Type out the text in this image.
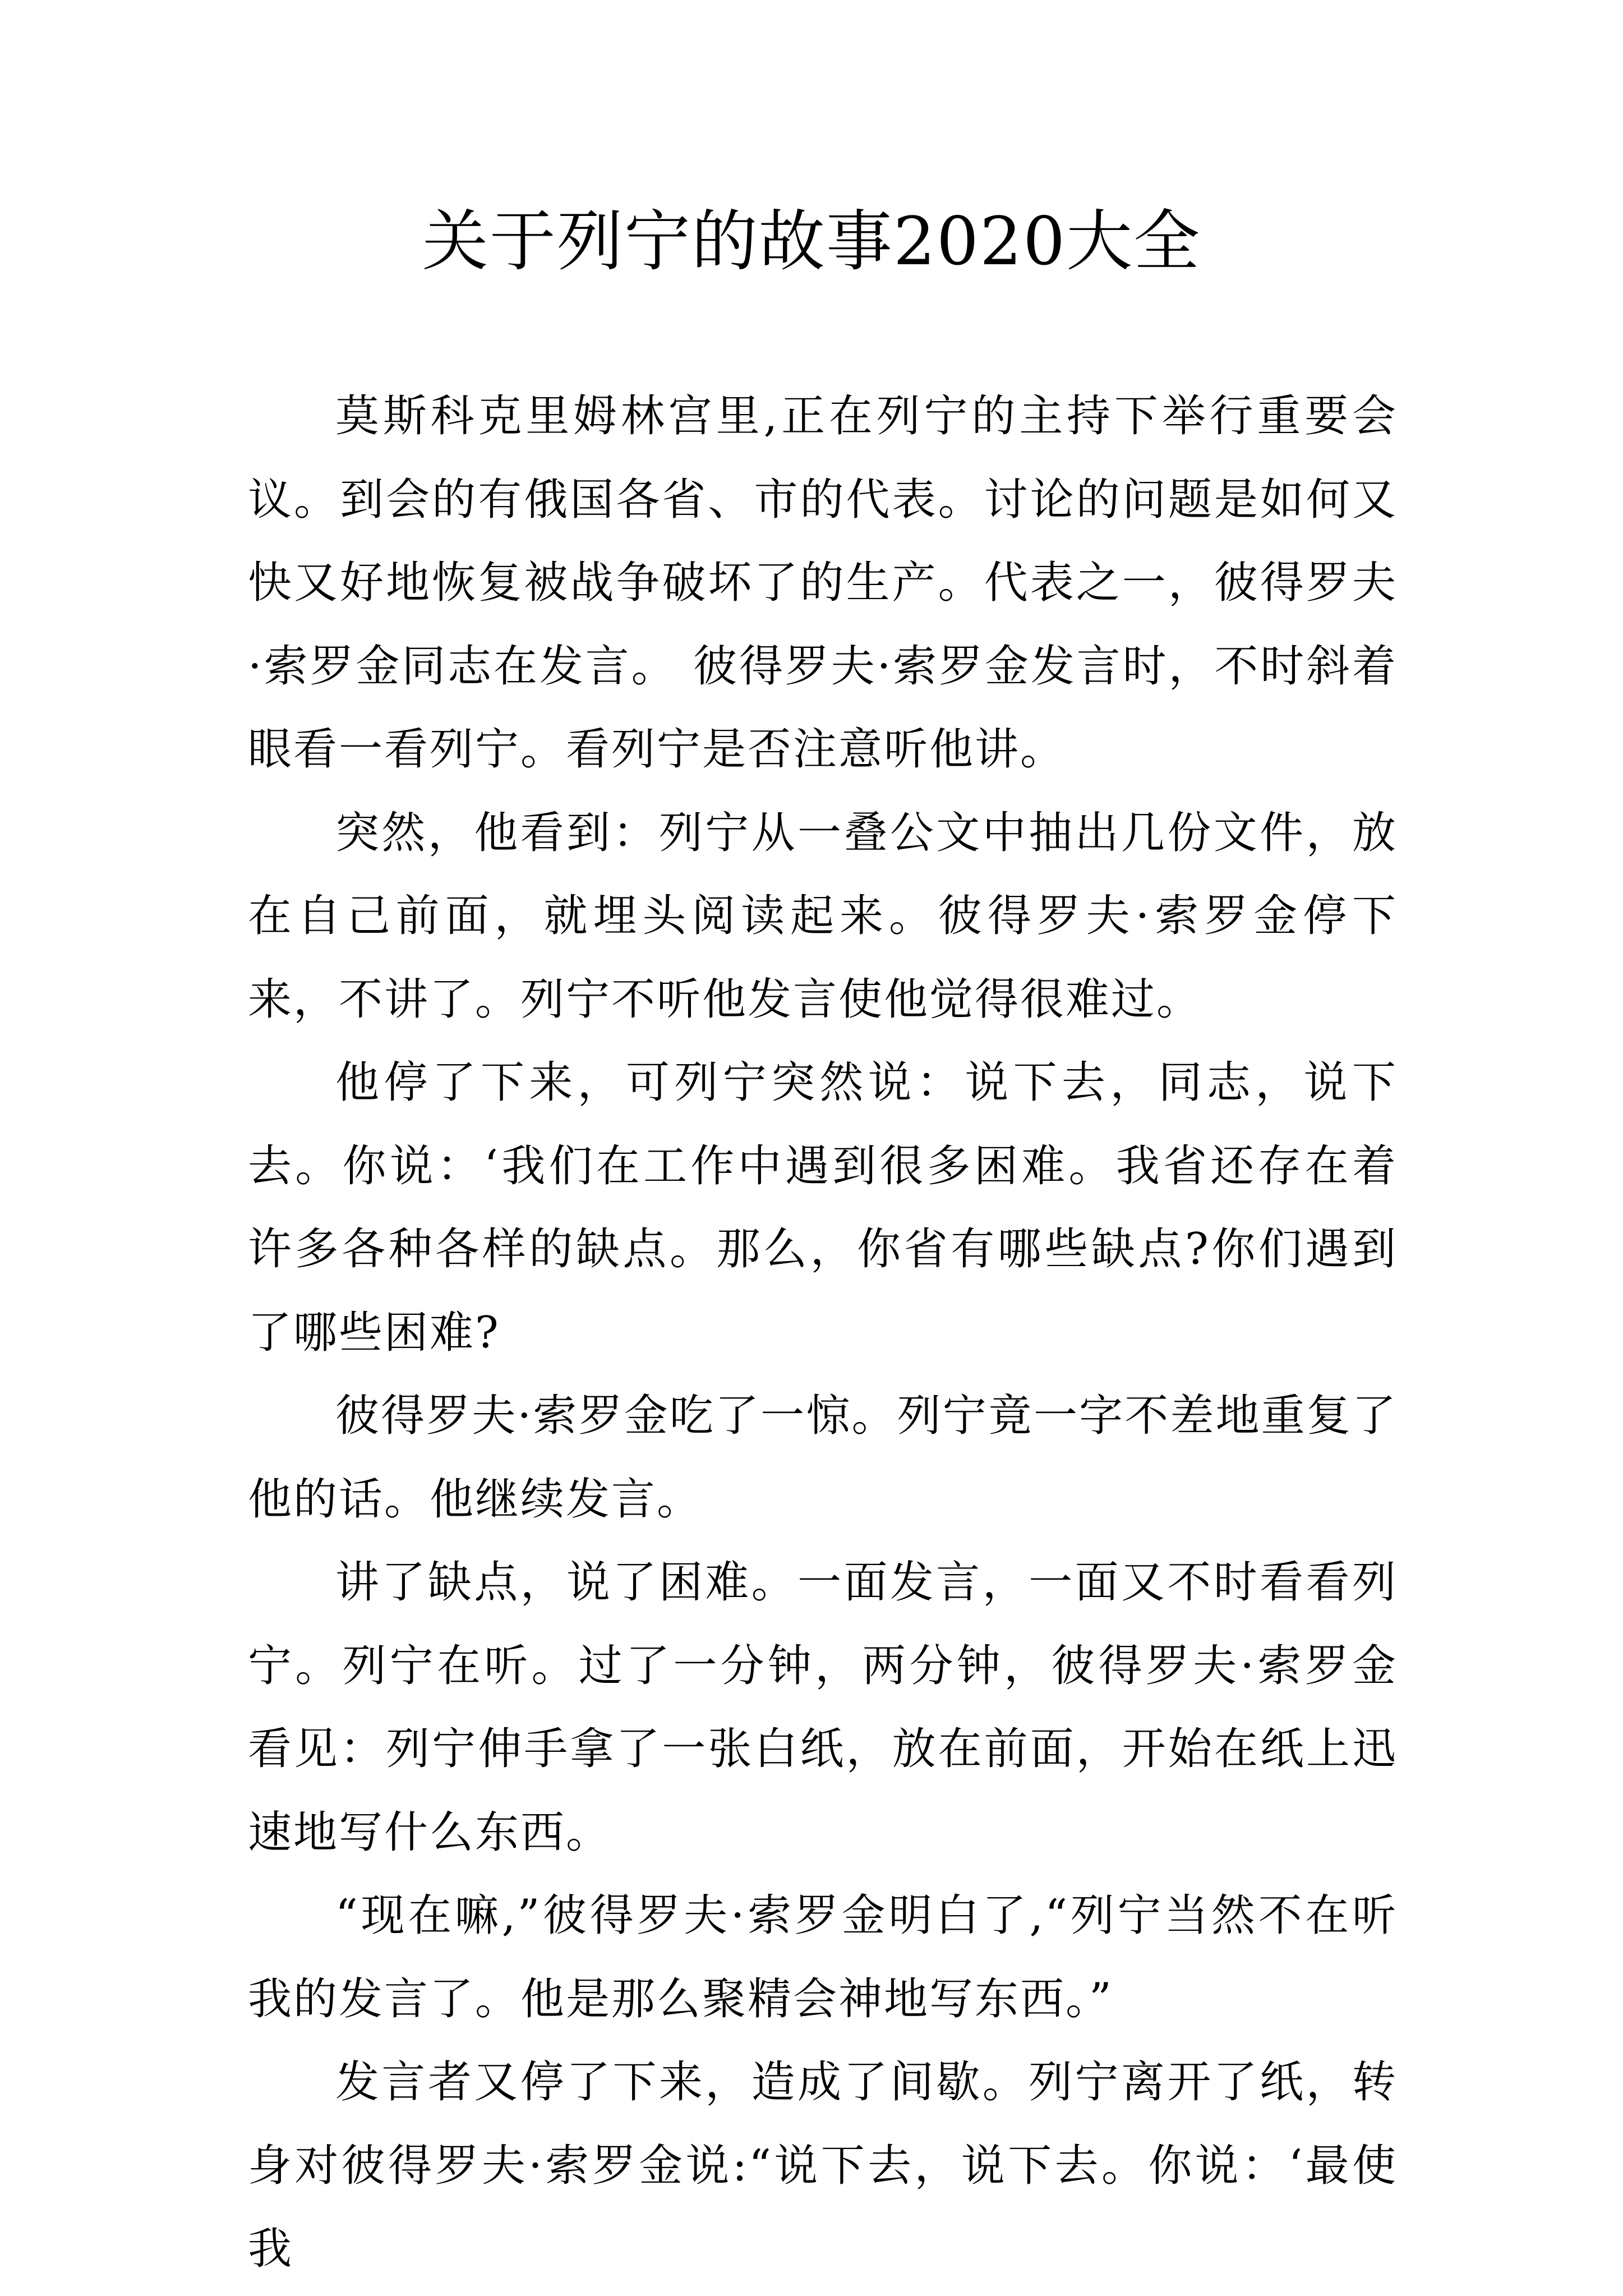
关于列宁的故事2020大全

莫斯科克里姆林宫里,正在列宁的主持下举行重要会议。到会的有俄国各省、市的代表。讨论的问题是如何又快又好地恢复被战争破坏了的生产。代表之一，彼得罗夫·索罗金同志在发言。 彼得罗夫·索罗金发言时，不时斜着眼看一看列宁。看列宁是否注意听他讲。

突然，他看到：列宁从一叠公文中抽出几份文件，放在自己前面，就埋头阅读起来。彼得罗夫·索罗金停下来，不讲了。列宁不听他发言使他觉得很难过。

他停了下来，可列宁突然说：说下去，同志，说下去。你说：‘我们在工作中遇到很多困难。我省还存在着许多各种各样的缺点。那么，你省有哪些缺点?你们遇到了哪些困难?

彼得罗夫·索罗金吃了一惊。列宁竟一字不差地重复了他的话。他继续发言。

讲了缺点，说了困难。一面发言，一面又不时看看列宁。列宁在听。过了一分钟，两分钟，彼得罗夫·索罗金看见：列宁伸手拿了一张白纸，放在前面，开始在纸上迅速地写什么东西。

“现在嘛,”彼得罗夫·索罗金明白了,“列宁当然不在听我的发言了。他是那么聚精会神地写东西。”

发言者又停了下来，造成了间歇。列宁离开了纸，转身对彼得罗夫·索罗金说:“说下去，说下去。你说：‘最使我
